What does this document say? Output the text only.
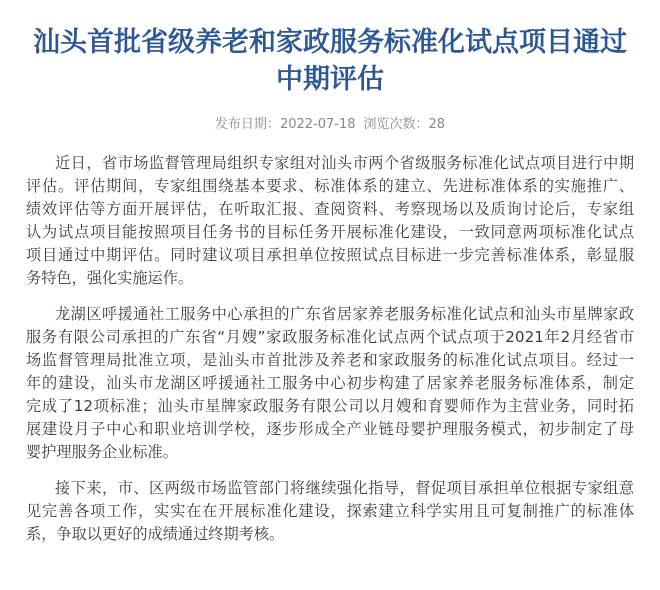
汕头首批省级养老和家政服务标准化试点项目通过
中期评估
发布日期：2022-07-18 浏览次数：28

近日，省市场监督管理局组织专家组对汕头市两个省级服务标准化试点项目进行中期
评估。评估期间，专家组围绕基本要求、标准体系的建立、先进标准体系的实施推广、
绩效评估等方面开展评估，在听取汇报、查阅资料、考察现场以及质询讨论后，专家组
认为试点项目能按照项目任务书的目标任务开展标准化建设，一致同意两项标准化试点
项目通过中期评估。同时建议项目承担单位按照试点目标进一步完善标准体系，彰显服
务特色，强化实施运作。

龙湖区呼援通社工服务中心承担的广东省居家养老服务标准化试点和汕头市星牌家政
服务有限公司承担的广东省“月嫂”家政服务标准化试点两个试点项于2021年2月经省市
场监督管理局批准立项，是汕头市首批涉及养老和家政服务的标准化试点项目。经过一
年的建设，汕头市龙湖区呼援通社工服务中心初步构建了居家养老服务标准体系，制定
完成了12项标准；汕头市星牌家政服务有限公司以月嫂和育婴师作为主营业务，同时拓
展建设月子中心和职业培训学校，逐步形成全产业链母婴护理服务模式，初步制定了母
婴护理服务企业标准。

接下来，市、区两级市场监管部门将继续强化指导，督促项目承担单位根据专家组意
见完善各项工作，实实在在开展标准化建设，探索建立科学实用且可复制推广的标准体
系，争取以更好的成绩通过终期考核。
